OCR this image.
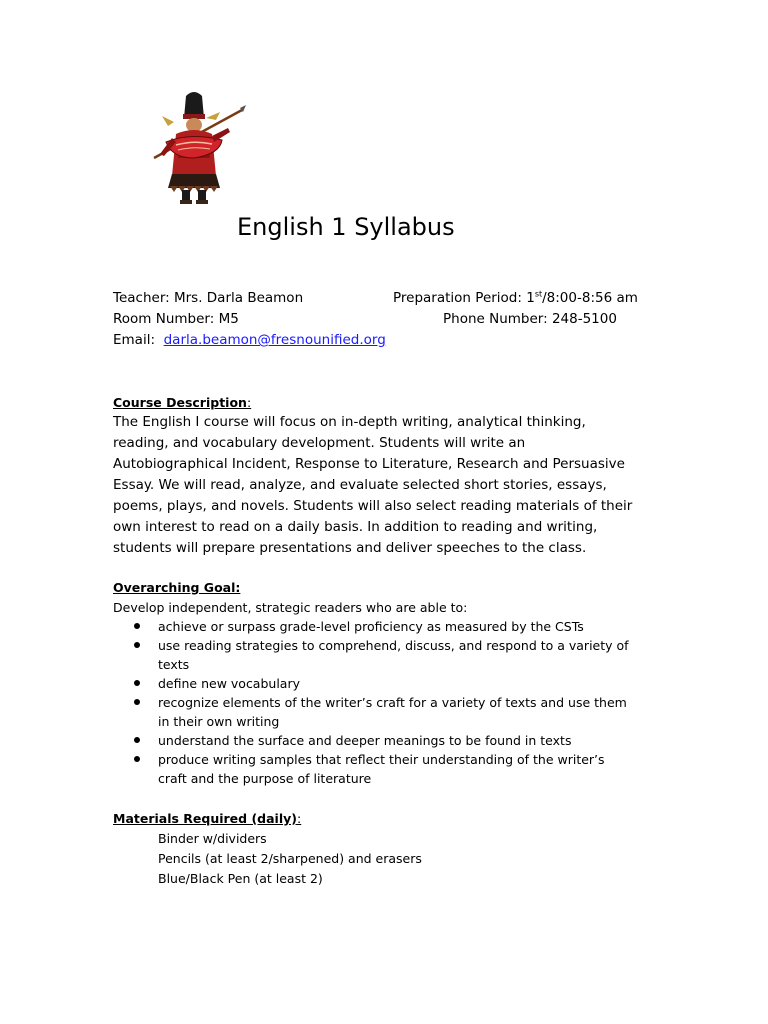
English 1 Syllabus
Teacher: Mrs. Darla Beamon	Preparation Period: 1st/8:00-8:56 am
Room Number: M5	Phone Number: 248-5100
Email: darla.beamon@fresnounified.org
Course Description:
The English I course will focus on in-depth writing, analytical thinking,
reading, and vocabulary development. Students will write an
Autobiographical Incident, Response to Literature, Research and Persuasive
Essay. We will read, analyze, and evaluate selected short stories, essays,
poems, plays, and novels. Students will also select reading materials of their
own interest to read on a daily basis. In addition to reading and writing,
students will prepare presentations and deliver speeches to the class.
Overarching Goal:
Develop independent, strategic readers who are able to:
achieve or surpass grade-level proficiency as measured by the CSTs
use reading strategies to comprehend, discuss, and respond to a variety of
texts
define new vocabulary
recognize elements of the writer’s craft for a variety of texts and use them
in their own writing
understand the surface and deeper meanings to be found in texts
produce writing samples that reflect their understanding of the writer’s
craft and the purpose of literature
Materials Required (daily):
Binder w/dividers
Pencils (at least 2/sharpened) and erasers
Blue/Black Pen (at least 2)
